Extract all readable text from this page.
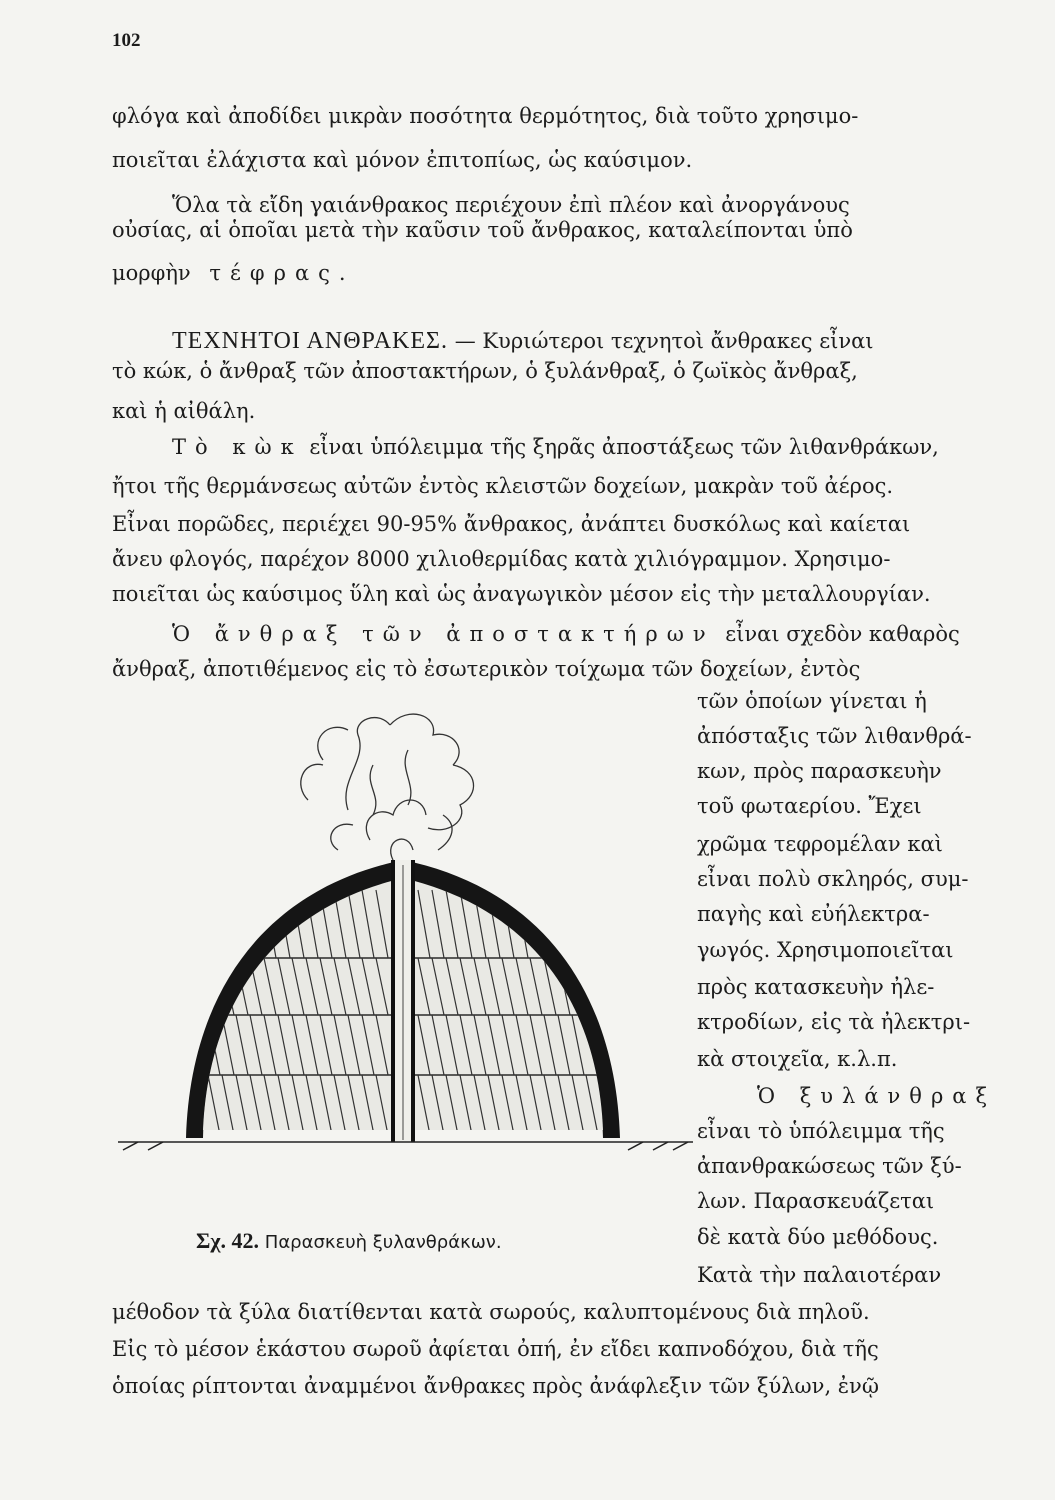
102
φλόγα καὶ ἀποδίδει μικρὰν ποσότητα θερμότητος, διὰ τοῦτο χρησιμο-
ποιεῖται ἐλάχιστα καὶ μόνον ἐπιτοπίως, ὡς καύσιμον.
Ὅλα τὰ εἴδη γαιάνθρακος περιέχουν ἐπὶ πλέον καὶ ἀνοργάνους
οὐσίας, αἱ ὁποῖαι μετὰ τὴν καῦσιν τοῦ ἄνθρακος, καταλείπονται ὑπὸ
μορφὴν τέφρας.
ΤΕΧΝΗΤΟΙ ΑΝΘΡΑΚΕΣ. — Κυριώτεροι τεχνητοὶ ἄνθρακες εἶναι
τὸ κώκ, ὁ ἄνθραξ τῶν ἀποστακτήρων, ὁ ξυλάνθραξ, ὁ ζωϊκὸς ἄνθραξ,
καὶ ἡ αἰθάλη.
Τὸ κὼκ εἶναι ὑπόλειμμα τῆς ξηρᾶς ἀποστάξεως τῶν λιθανθράκων,
ἤτοι τῆς θερμάνσεως αὐτῶν ἐντὸς κλειστῶν δοχείων, μακρὰν τοῦ ἀέρος.
Εἶναι πορῶδες, περιέχει 90-95% ἄνθρακος, ἀνάπτει δυσκόλως καὶ καίεται
ἄνευ φλογός, παρέχον 8000 χιλιοθερμίδας κατὰ χιλιόγραμμον. Χρησιμο-
ποιεῖται ὡς καύσιμος ὕλη καὶ ὡς ἀναγωγικὸν μέσον εἰς τὴν μεταλλουργίαν.
Ὁ ἄνθραξ τῶν ἀποστακτήρων εἶναι σχεδὸν καθαρὸς
ἄνθραξ, ἀποτιθέμενος εἰς τὸ ἐσωτερικὸν τοίχωμα τῶν δοχείων, ἐντὸς
τῶν ὁποίων γίνεται ἡ
ἀπόσταξις τῶν λιθανθρά-
κων, πρὸς παρασκευὴν
τοῦ φωταερίου. Ἔχει
χρῶμα τεφρομέλαν καὶ
εἶναι πολὺ σκληρός, συμ-
παγὴς καὶ εὐήλεκτρα-
γωγός. Χρησιμοποιεῖται
πρὸς κατασκευὴν ἠλε-
κτροδίων, εἰς τὰ ἠλεκτρι-
κὰ στοιχεῖα, κ.λ.π.
Ὁ ξυλάνθραξ
εἶναι τὸ ὑπόλειμμα τῆς
ἀπανθρακώσεως τῶν ξύ-
λων. Παρασκευάζεται
δὲ κατὰ δύο μεθόδους.
Κατὰ τὴν παλαιοτέραν
Σχ. 42. Παρασκευὴ ξυλανθράκων.
μέθοδον τὰ ξύλα διατίθενται κατὰ σωρούς, καλυπτομένους διὰ πηλοῦ.
Εἰς τὸ μέσον ἑκάστου σωροῦ ἀφίεται ὀπή, ἐν εἴδει καπνοδόχου, διὰ τῆς
ὁποίας ρίπτονται ἀναμμένοι ἄνθρακες πρὸς ἀνάφλεξιν τῶν ξύλων, ἐνῷ
